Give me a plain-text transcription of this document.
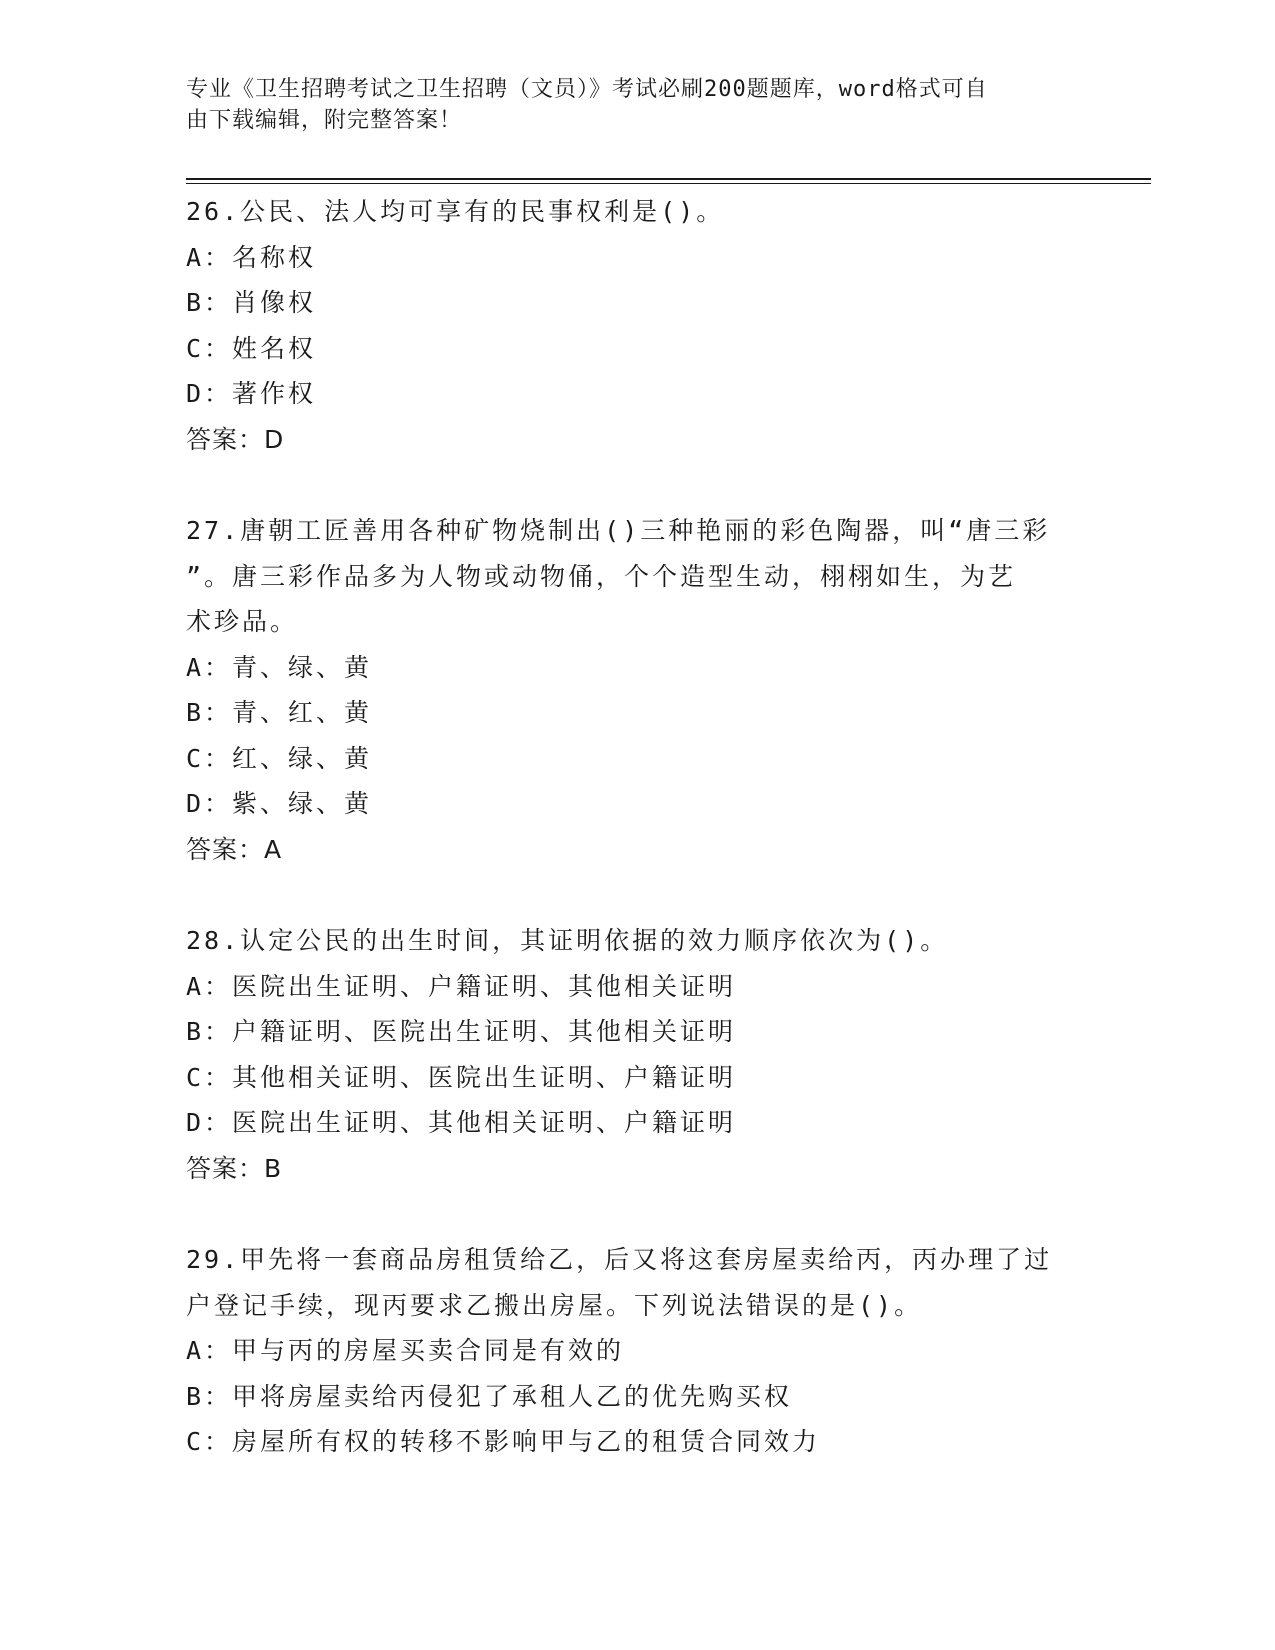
专业《卫生招聘考试之卫生招聘（文员）》考试必刷200题题库，word格式可自
由下载编辑，附完整答案！
26.公民、法人均可享有的民事权利是()。
A：名称权
B：肖像权
C：姓名权
D：著作权
答案：D
27.唐朝工匠善用各种矿物烧制出()三种艳丽的彩色陶器，叫“唐三彩
”。唐三彩作品多为人物或动物俑，个个造型生动，栩栩如生，为艺
术珍品。
A：青、绿、黄
B：青、红、黄
C：红、绿、黄
D：紫、绿、黄
答案：A
28.认定公民的出生时间，其证明依据的效力顺序依次为()。
A：医院出生证明、户籍证明、其他相关证明
B：户籍证明、医院出生证明、其他相关证明
C：其他相关证明、医院出生证明、户籍证明
D：医院出生证明、其他相关证明、户籍证明
答案：B
29.甲先将一套商品房租赁给乙，后又将这套房屋卖给丙，丙办理了过
户登记手续，现丙要求乙搬出房屋。下列说法错误的是()。
A：甲与丙的房屋买卖合同是有效的
B：甲将房屋卖给丙侵犯了承租人乙的优先购买权
C：房屋所有权的转移不影响甲与乙的租赁合同效力
